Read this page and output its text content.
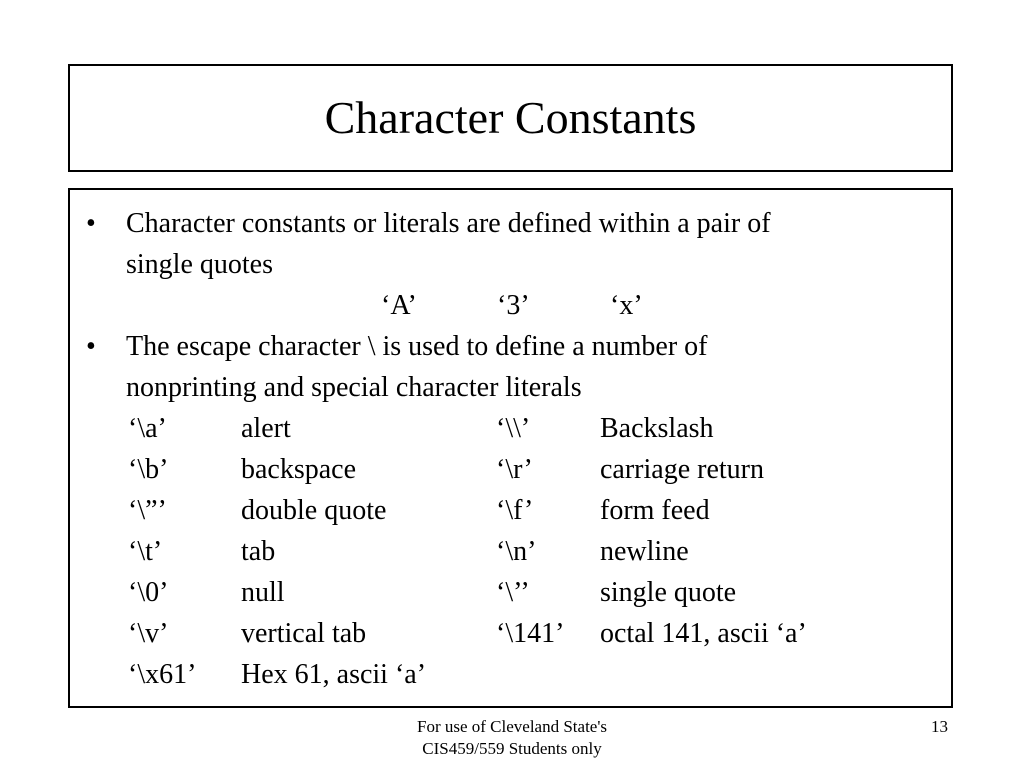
Character Constants
• Character constants or literals are defined within a pair of
single quotes
‘A’	‘3’	‘x’
• The escape character \ is used to define a number of
nonprinting and special character literals
‘\a’	alert	‘\\’ Backslash
‘\b’	backspace	‘\r’ carriage return
‘\”’	double quote	‘\f’ form feed
‘\t’	tab	‘\n’ newline
‘\0’	null	‘\’’	single quote
‘\v’	vertical tab	‘\141’ octal 141, ascii ‘a’
‘\x61’ Hex 61, ascii ‘a’
For use of Cleveland State's
CIS459/559 Students only
13
